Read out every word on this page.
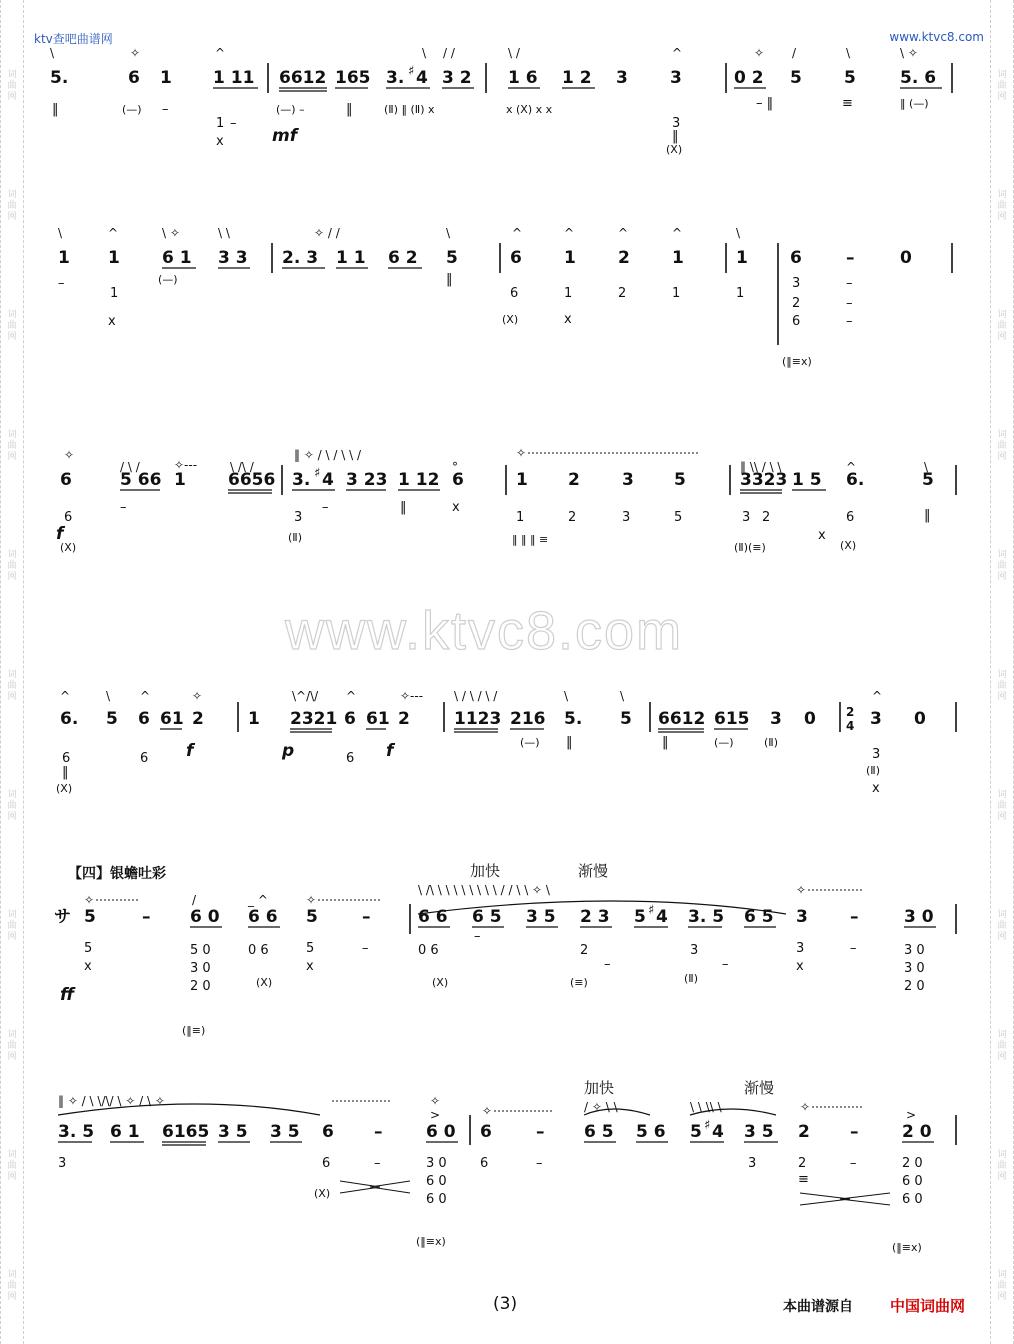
词 曲 网
词 曲 网
词 曲 网
词 曲 网
词 曲 网
词 曲 网
词 曲 网
词 曲 网
词 曲 网
词 曲 网
词 曲 网
词 曲 网
词 曲 网
词 曲 网
词 曲 网
词 曲 网
词 曲 网
词 曲 网
词 曲 网
词 曲 网
词 曲 网
词 曲 网
ktv查吧曲谱网	www.ktvc8.com
www.ktvc8.com
\
5.
‖
✧
6
(—)
1
–
^
1 11
1 –
x	mf
6612
(—) –
165
‖
\
3. ♯ 4
(Ⅱ) ‖ (Ⅱ) x
/ /
3 2
\ /
1 6
x (X) x x
1 2 3
^
3
3
‖
(X)
✧
0 2
– ‖
/
5
\
5
≡
\ ✧
5. 6
‖ (—)
\
1
–
^
1
1
x
\ ✧
6 1
(—)
\ \
3 3
✧ / /
2. 3 1 1 6 2
\
5
‖
^
6
6
(X)
^
1
1
x
^
2
2
^
1
1
\
1
1
6
3
2
6
(‖≡x)
–
–
–
–
0
✧
6
6
f
(X)
/ \ /
5 66
–
✧---
1
\ /\ /
6656
‖ ✧ / \ / \ \ /
3. ♯ 4
3
(Ⅱ)
–
3 23 1 12
‖
°
6
x
✧
1
1
2
2
3
3
5
5
‖ ‖ ‖ ≡
‖ \\ / \ \
3323
3 2
(Ⅱ)(≡)
1 5
x
^
6.
6
(X)
\
5
‖
^
6.
6
‖
(X)
\
5
^
6
6
61
✧
2
f
1
p
\^/\/
2321
^
6
6
61
f
✧---
2
\ / \ / \ /
1123 216
(—)
\
5.
‖
\
5 6612
‖
615
(—)
3
(Ⅱ)
0	2
4
^
3
3
(Ⅱ)
x
0
【四】银蟾吐彩	加快	渐慢
✧
サ 5
5
x
ff
–
/
6 0
5 0
3 0
2 0
(‖≡)
_ ^
6 6
0 6
(X)
✧
5
5
x
–
–
\ /\ \ \ \ \ \ \ \ \ / / \ \ ✧ \
6 6
0 6
(X)
6 5
–
3 5 2 3
2
–
(≡)
5 ♯ 4 3. 5
3
(Ⅱ)
–
6 5
✧
3
3
x
–
–
3 0
3 0
3 0
2 0
加快	渐慢
‖ ✧ / \ \/\/ \ ✧ / \ ✧
3. 5
3
6 1 6165 3 5 3 5 6
6
(X)
–
–
✧
>
6 0
3 0
6 0
6 0
(‖≡x)
✧
6
6
–
–
/ ✧ \ \
6 5 5 6
\ \ \\ \
5 ♯ 4 3 5
3
✧
2
2
≡
–
–
>
2 0
2 0
6 0
6 0
(‖≡x)
(3)	本曲谱源自 中国词曲网
